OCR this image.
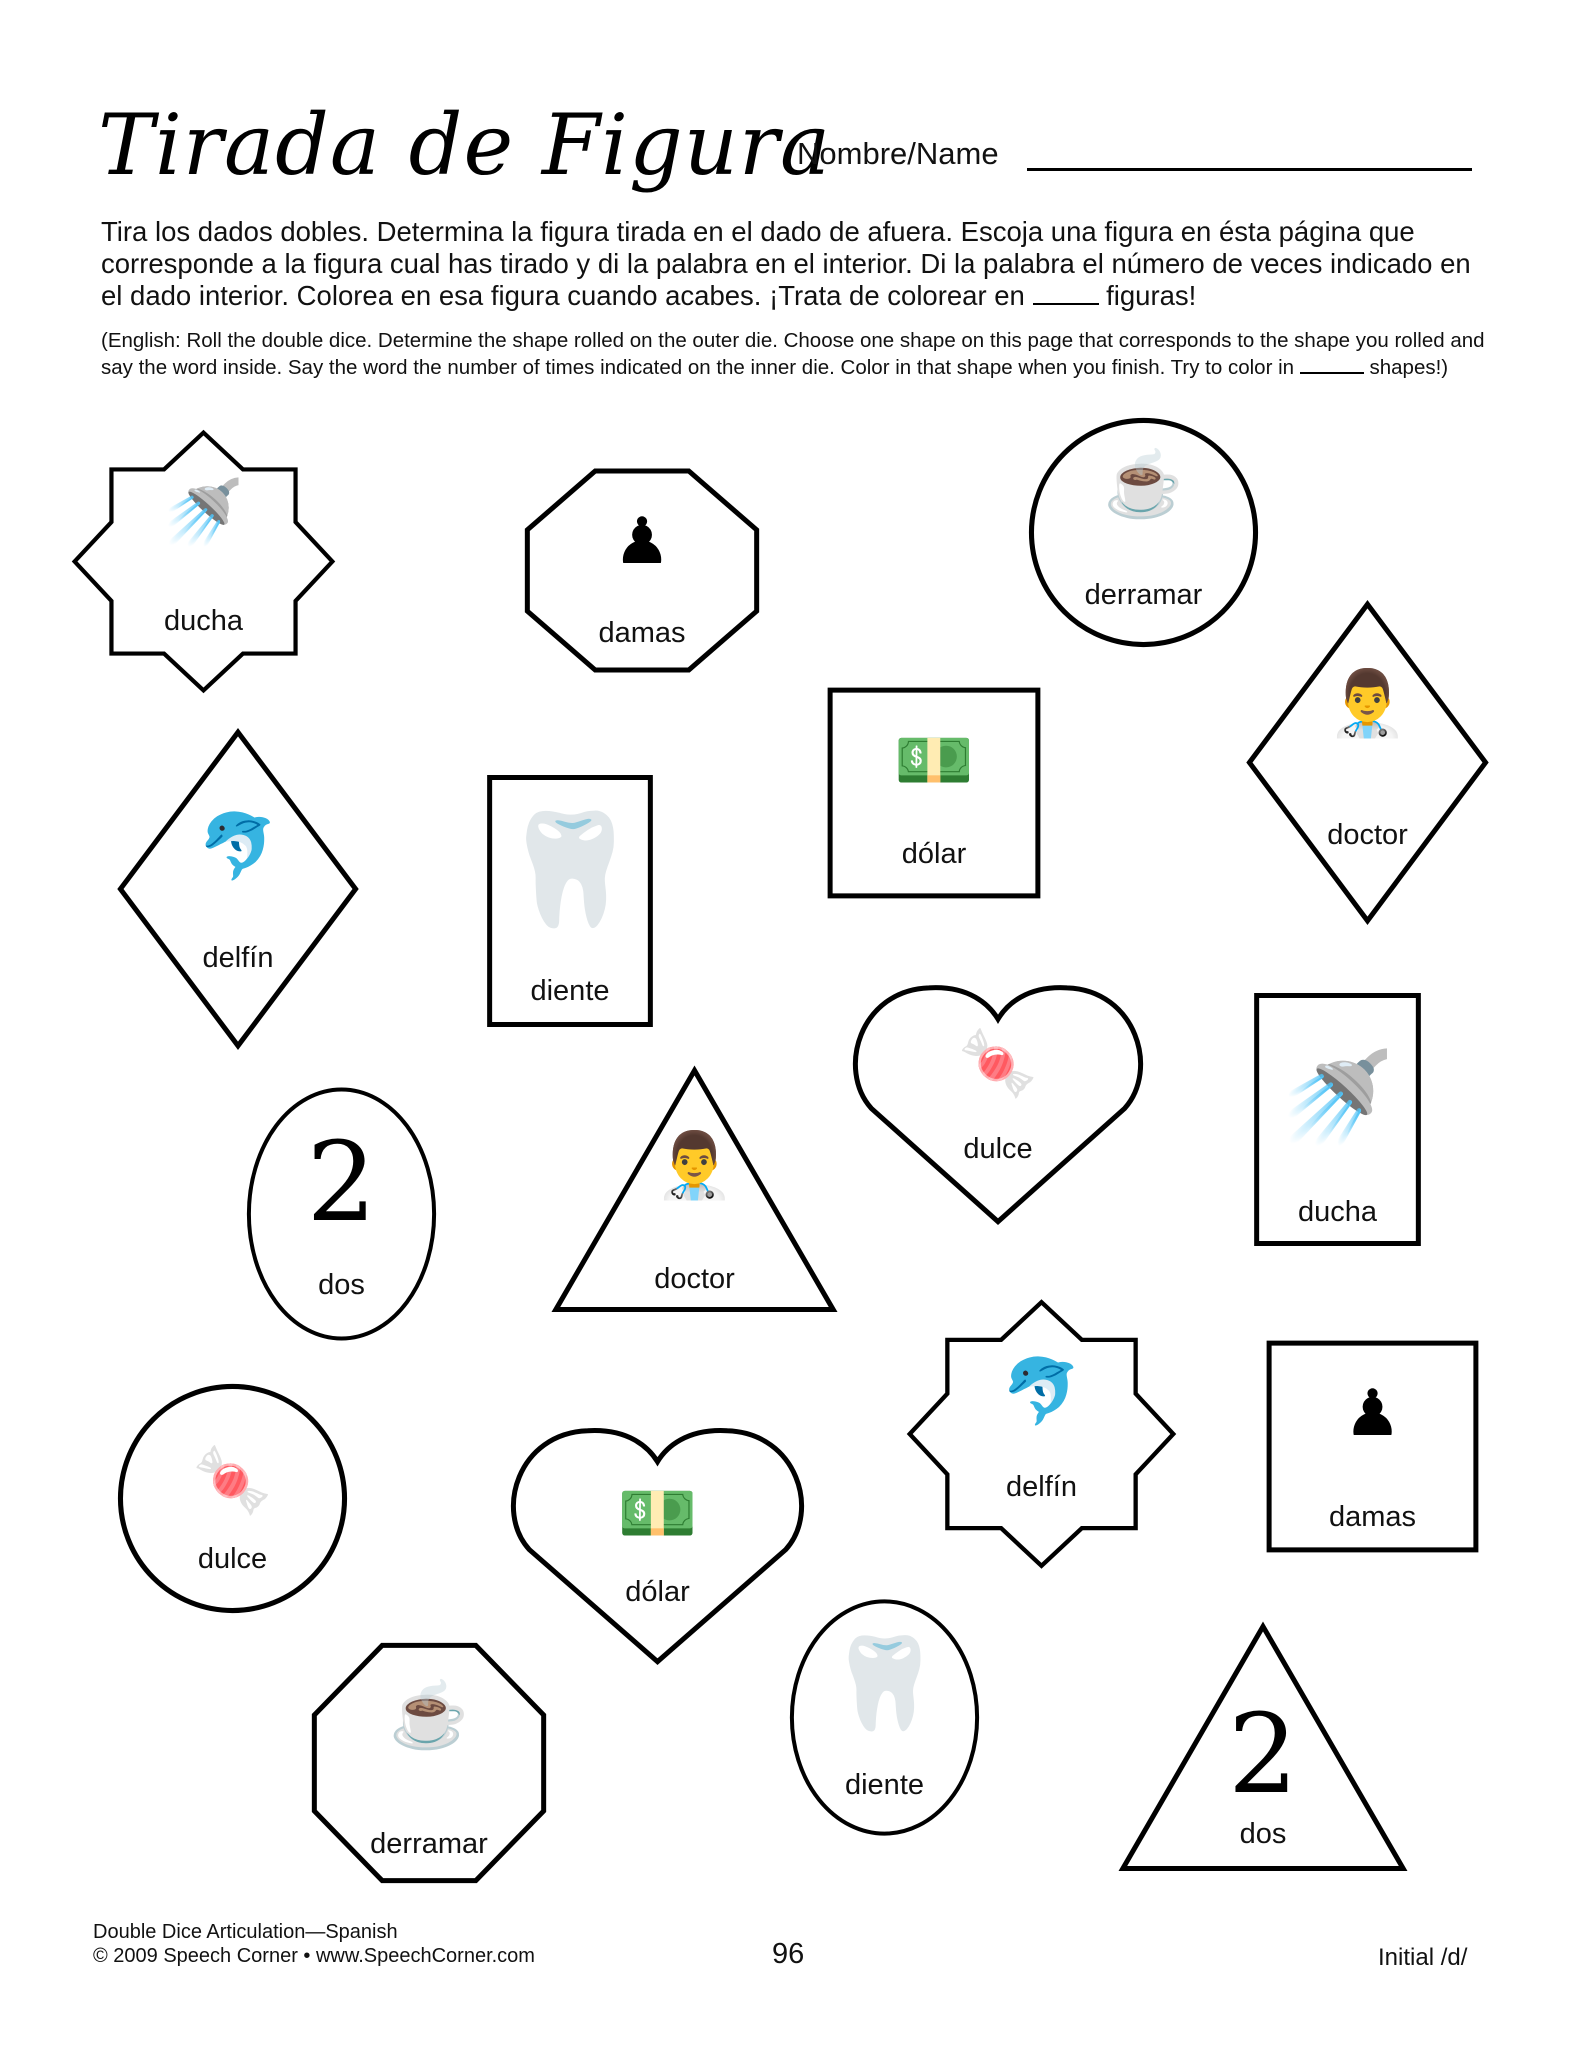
Tirada de Figura
Nombre/Name
Tira los dados dobles. Determina la figura tirada en el dado de afuera. Escoja una figura en ésta página que corresponde a la figura cual has tirado y di la palabra en el interior. Di la palabra el número de veces indicado en el dado interior. Colorea en esa figura cuando acabes. ¡Trata de colorear en	figuras!
(English: Roll the double dice. Determine the shape rolled on the outer die. Choose one shape on this page that corresponds to the shape you rolled and say the word inside. Say the word the number of times indicated on the inner die. Color in that shape when you finish. Try to color in	shapes!)
🚿
ducha
♟
damas
☕
derramar
💵
dólar
👨‍⚕️
doctor
🐬
delfín
🦷
diente
🍬
dulce
🚿
ducha
2
dos
👨‍⚕️
doctor
🍬
dulce
💵
dólar
🐬
delfín
♟
damas
☕
derramar
🦷
diente	2
dos
Double Dice Articulation—Spanish
© 2009 Speech Corner • www.SpeechCorner.com	96	Initial /d/
